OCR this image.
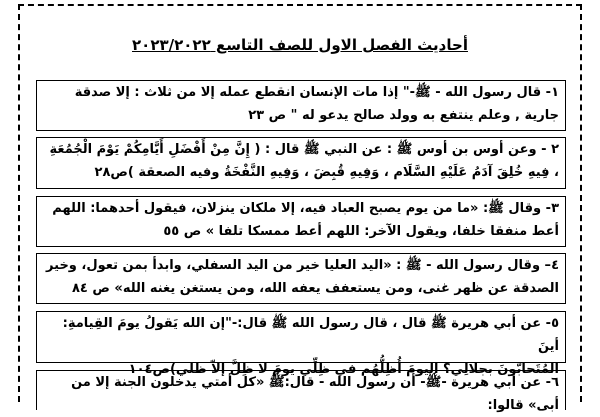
أحاديث الفصل الاول للصف التاسع ٢٠٢٣/٢٠٢٢
١- قال رسول الله - ﷺ-" إذا مات الإنسان انقطع عمله إلا من ثلاث : إلا صدقة
جارية , وعلم ينتفع به وولد صالح يدعو له " ص ٢٣
٢ - وعن أوس بن أوس ﷺ : عن النبي ﷺ قال : ( إِنَّ مِنْ أَفْضَلِ أَيَّامِكُمْ يَوْمَ الْجُمُعَةِ
، فِيهِ خُلِقَ آدَمُ عَلَيْهِ السَّلَام ، وَفِيهِ قُبِضَ ، وَفِيهِ النَّفْخَةُ وفيه الصعقة )ص٢٨
٣- وقال ﷺ: «ما من يوم يصبح العباد فيه، إلا ملكان ينزلان، فيقول أحدهما: اللهم
أعط منفقا خلفا، ويقول الآخر: اللهم أعط ممسكا تلفا » ص ٥٥
٤– وقال رسول الله - ﷺ : «اليد العليا خير من اليد السفلي، وابدأ بمن تعول، وخير
الصدقة عن ظهر غنى، ومن يستعفف يعفه الله، ومن يستغن يغنه الله» ص ٨٤
٥- عن أبي هريرة ﷺ قال ، قال رسول الله ﷺ قال:-"إن الله يَقولُ يومَ القِيامةِ: أينَ
المُتَحابّونَ بجلالِي؟ اليومَ أُظِلُّهُم في ظِلِّي يومَ لا ظِلَّ إلاّ ظلي)ص١٠٤
٦- عن أبي هريرة -ﷺ- أن رسول الله - قال:ﷺ «كل أمتي يدخلون الجنة إلا من أبى» قالوا:
